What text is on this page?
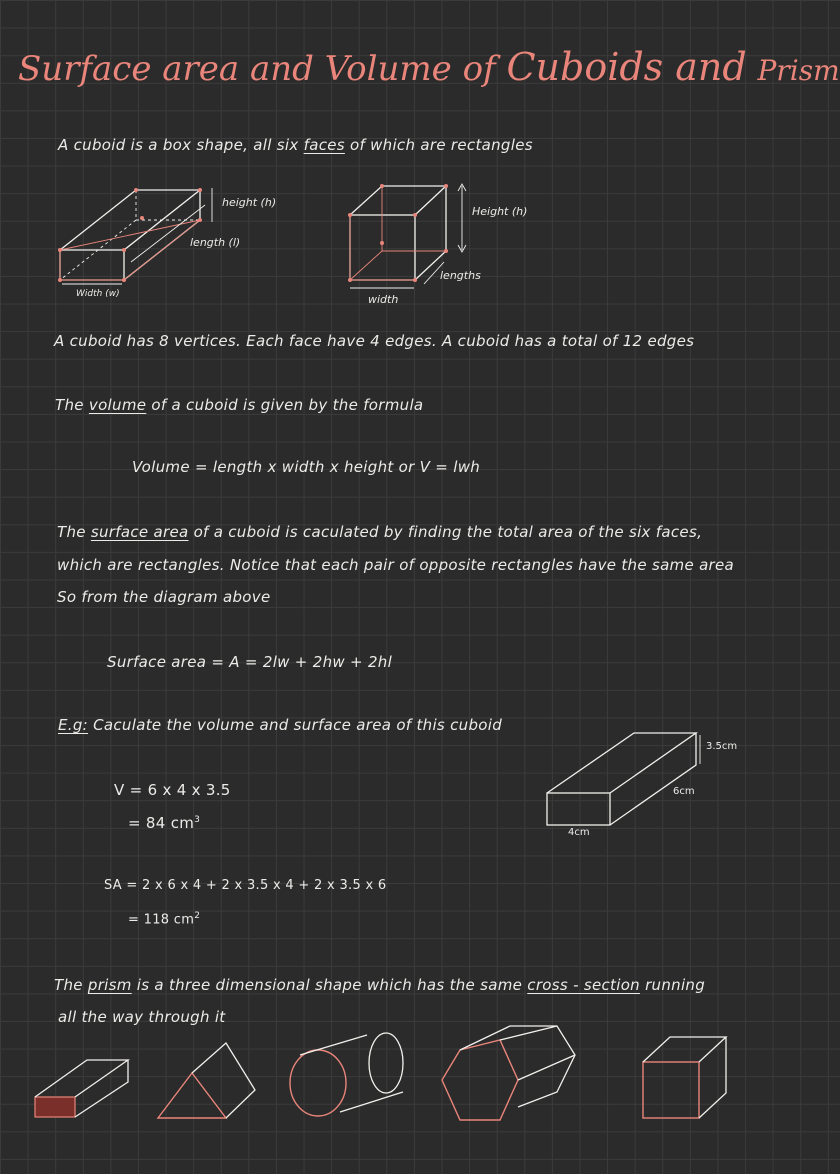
Surface area and Volume of Cuboids and Prism
A cuboid is a box shape, all six faces of which are rectangles
height (h)
length (l)
Width (w)
Height (h)
lengths
width
A cuboid has 8 vertices. Each face have 4 edges. A cuboid has a total of 12 edges
The volume of a cuboid is given by the formula
Volume = length x width x height or V = lwh
The surface area of a cuboid is caculated by finding the total area of the six faces,
which are rectangles. Notice that each pair of opposite rectangles have the same area
So from the diagram above
Surface area = A = 2lw + 2hw + 2hl
E.g: Caculate the volume and surface area of this cuboid
V = 6 x 4 x 3.5
= 84 $cm^3$
SA = 2 x 6 x 4 + 2 x 3.5 x 4 + 2 x 3.5 x 6
= 118 $cm^2$
3.5cm
6cm
4cm
The prism is a three dimensional shape which has the same cross - section running
all the way through it
